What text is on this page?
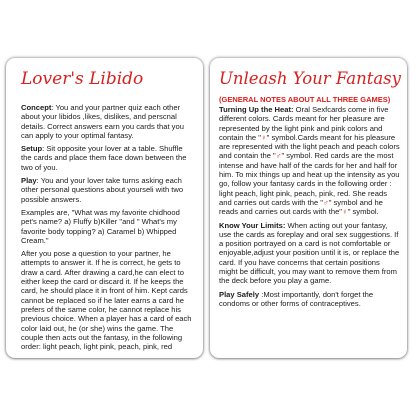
Lover's Libido
Concept: You and your partner quiz each other about your libidos ,likes, dislikes, and perscnal details. Correct answers earn you cards that you can apply to your optimal fantasy.
Setup: Sit opposite your lover at a table. Shuffle the cards and place them face down between the two of you.
Play: You and your lover take turns asking each other personal questions about yourseli with two possible answers.
Examples are, "What was my favorite chidhood pet's name? a) Fluffy b)Killer "and " What's my favorite body topping? a) Caramel b) Whipped Cream."
After you pose a question to your partner, he attempts to answer it. If he is correct, he gets to draw a card. After drawing a card,he can elect to either keep the card or discard it. If he keeps the card, he should place it in front of him. Kept cards cannot be replaced so if he later earns a card he prefers of the same color, he cannot replace his previous choice. When a player has a card of each color laid out, he (or she) wins the game. The couple then acts out the fantasy, in the following order: light peach, light pink, peach, pink, red
Unleash Your Fantasy
(GENERAL NOTES ABOUT ALL THREE GAMES)
Turning Up the Heat: Oral Sexfcards come in five different colors. Cards meant for her pleasure are represented by the light pink and pink colors and contain the "♀" symbol.Cards meant for his pleasure are represented with the light peach and peach colors and contain the "♂" symbol. Red cards are the most intense and have half of the cards for her and half for him. To mix things up and heat up the intensity as you go, follow your fantasy cards in the following order : light peach, light pink, peach, pink, red. She reads and carries out cards with the "♂" symbol and he reads and carries out cards with the"♀" symbol.
Know Your Limits: When acting out your fantasy, use the cards as foreplay and oral sex suggestions. If a position portrayed on a card is not comfortable or enjoyable,adjust your position until it is, or replace the card. If you have concerns that certain positions might be difficult, you may want to remove them from the deck before you play a game.
Play Safely :Most importantly, don't forget the condoms or other forms of contraceptives.
